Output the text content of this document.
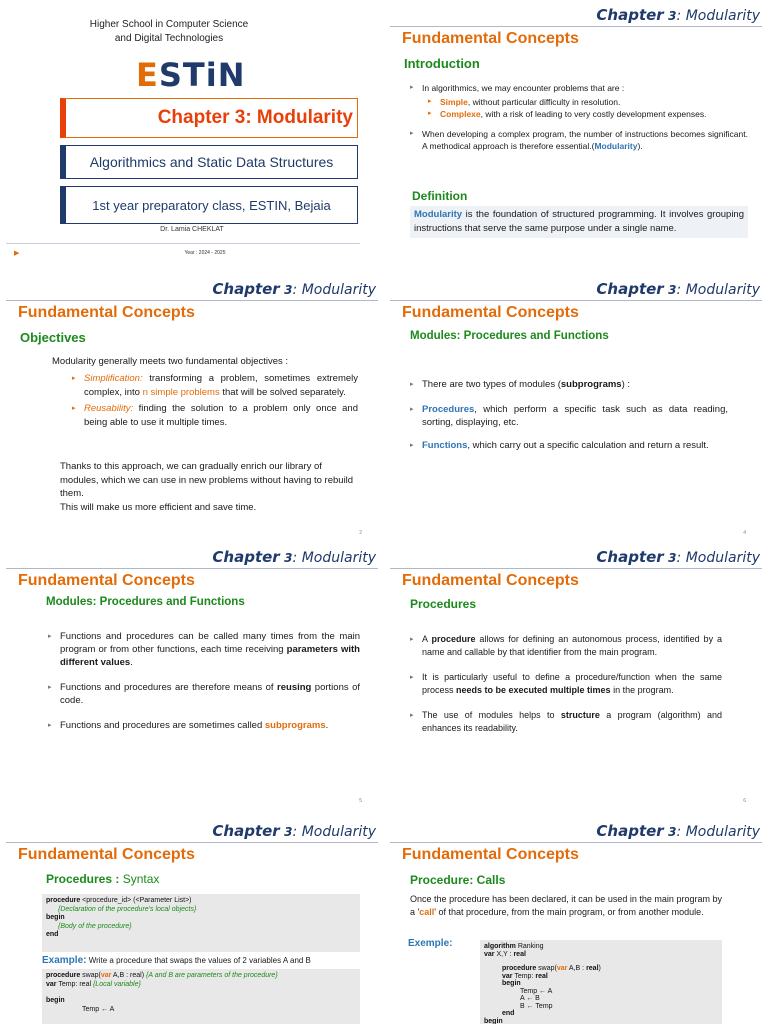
Higher School in Computer Science
and Digital Technologies
ESTiN
Chapter 3: Modularity
Algorithmics and Static Data Structures
1st year preparatory class, ESTIN, Bejaia
Dr. Lamia CHEKLAT
▶	Year : 2024 - 2025
Chapter 3: Modularity
Fundamental Concepts
Introduction
▸ In algorithmics, we may encounter problems that are :
▸ Simple, without particular difficulty in resolution.
▸ Complexe, with a risk of leading to very costly development expenses.
▸ When developing a complex program, the number of instructions becomes significant. A methodical approach is therefore essential.(Modularity).
Definition
Modularity is the foundation of structured programming. It involves grouping instructions that serve the same purpose under a single name.
Chapter 3: Modularity
Fundamental Concepts
Objectives
Modularity generally meets two fundamental objectives :
▸ Simplification: transforming a problem, sometimes extremely complex, into n simple problems that will be solved separately.
▸ Reusability: finding the solution to a problem only once and being able to use it multiple times.
Thanks to this approach, we can gradually enrich our library of modules, which we can use in new problems without having to rebuild them.
This will make us more efficient and save time.
2
Chapter 3: Modularity
Fundamental Concepts
Modules: Procedures and Functions
▸ There are two types of modules (subprograms) :
▸ Procedures, which perform a specific task such as data reading, sorting, displaying, etc.
▸ Functions, which carry out a specific calculation and return a result.
4
Chapter 3: Modularity
Fundamental Concepts
Modules: Procedures and Functions
▸ Functions and procedures can be called many times from the main program or from other functions, each time receiving parameters with different values.
▸ Functions and procedures are therefore means of reusing portions of code.
▸ Functions and procedures are sometimes called subprograms.
5
Chapter 3: Modularity
Fundamental Concepts
Procedures
▸ A procedure allows for defining an autonomous process, identified by a name and callable by that identifier from the main program.
▸ It is particularly useful to define a procedure/function when the same process needs to be executed multiple times in the program.
▸ The use of modules helps to structure a program (algorithm) and enhances its readability.
6
Chapter 3: Modularity
Fundamental Concepts
Procedures : Syntax
procedure <procedure_id> (<Parameter List>)
{Declaration of the procedure's local objects}
begin
{Body of the procedure}
end
Example: Write a procedure that swaps the values of 2 variables A and B
procedure swap(var A,B : real) {A and B are parameters of the procedure}
var Temp: real {Local variable}
begin
Temp ← A
Chapter 3: Modularity
Fundamental Concepts
Procedure: Calls
Once the procedure has been declared, it can be used in the main program by a 'call' of that procedure, from the main program, or from another module.
Exemple:	algorithm Ranking
var X,Y : real
procedure swap(var A,B : real)
var Temp: real
begin
Temp ← A
A ← B
B ← Temp
end
begin
